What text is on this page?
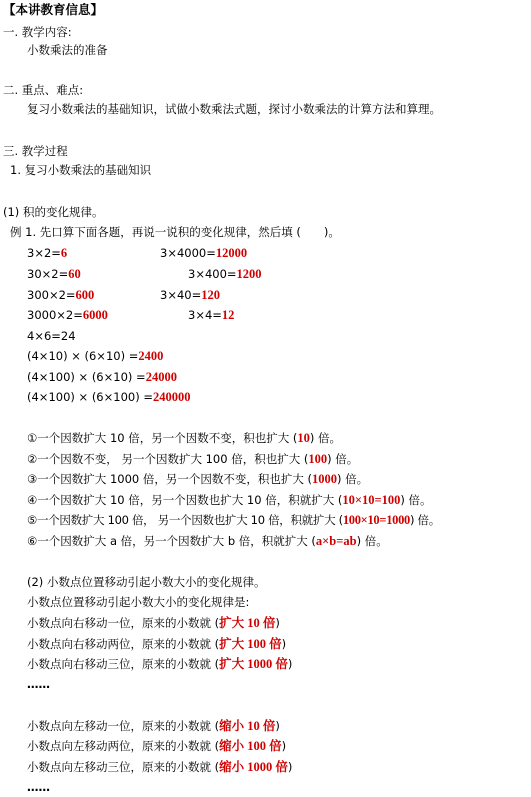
【本讲教育信息】
一. 教学内容:
小数乘法的准备
二. 重点、难点:
复习小数乘法的基础知识，试做小数乘法式题，探讨小数乘法的计算方法和算理。
三. 教学过程
1. 复习小数乘法的基础知识
(1) 积的变化规律。
例 1. 先口算下面各题，再说一说积的变化规律，然后填 (　　)。
3×2=6	3×4000=12000
30×2=60	3×400=1200
300×2=600	3×40=120
3000×2=6000	3×4=12
4×6=24
(4×10) × (6×10) =2400
(4×100) × (6×10) =24000
(4×100) × (6×100) =240000
①一个因数扩大 10 倍，另一个因数不变，积也扩大 (10) 倍。
②一个因数不变， 另一个因数扩大 100 倍，积也扩大 (100) 倍。
③一个因数扩大 1000 倍，另一个因数不变，积也扩大 (1000) 倍。
④一个因数扩大 10 倍，另一个因数也扩大 10 倍，积就扩大 (10×10=100) 倍。
⑤一个因数扩大 100 倍， 另一个因数也扩大 10 倍，积就扩大 (100×10=1000) 倍。
⑥一个因数扩大 a 倍，另一个因数扩大 b 倍，积就扩大 (a×b=ab) 倍。
(2) 小数点位置移动引起小数大小的变化规律。
小数点位置移动引起小数大小的变化规律是:
小数点向右移动一位，原来的小数就 (扩大 10 倍)
小数点向右移动两位，原来的小数就 (扩大 100 倍)
小数点向右移动三位，原来的小数就 (扩大 1000 倍)
……
小数点向左移动一位，原来的小数就 (缩小 10 倍)
小数点向左移动两位，原来的小数就 (缩小 100 倍)
小数点向左移动三位，原来的小数就 (缩小 1000 倍)
……
